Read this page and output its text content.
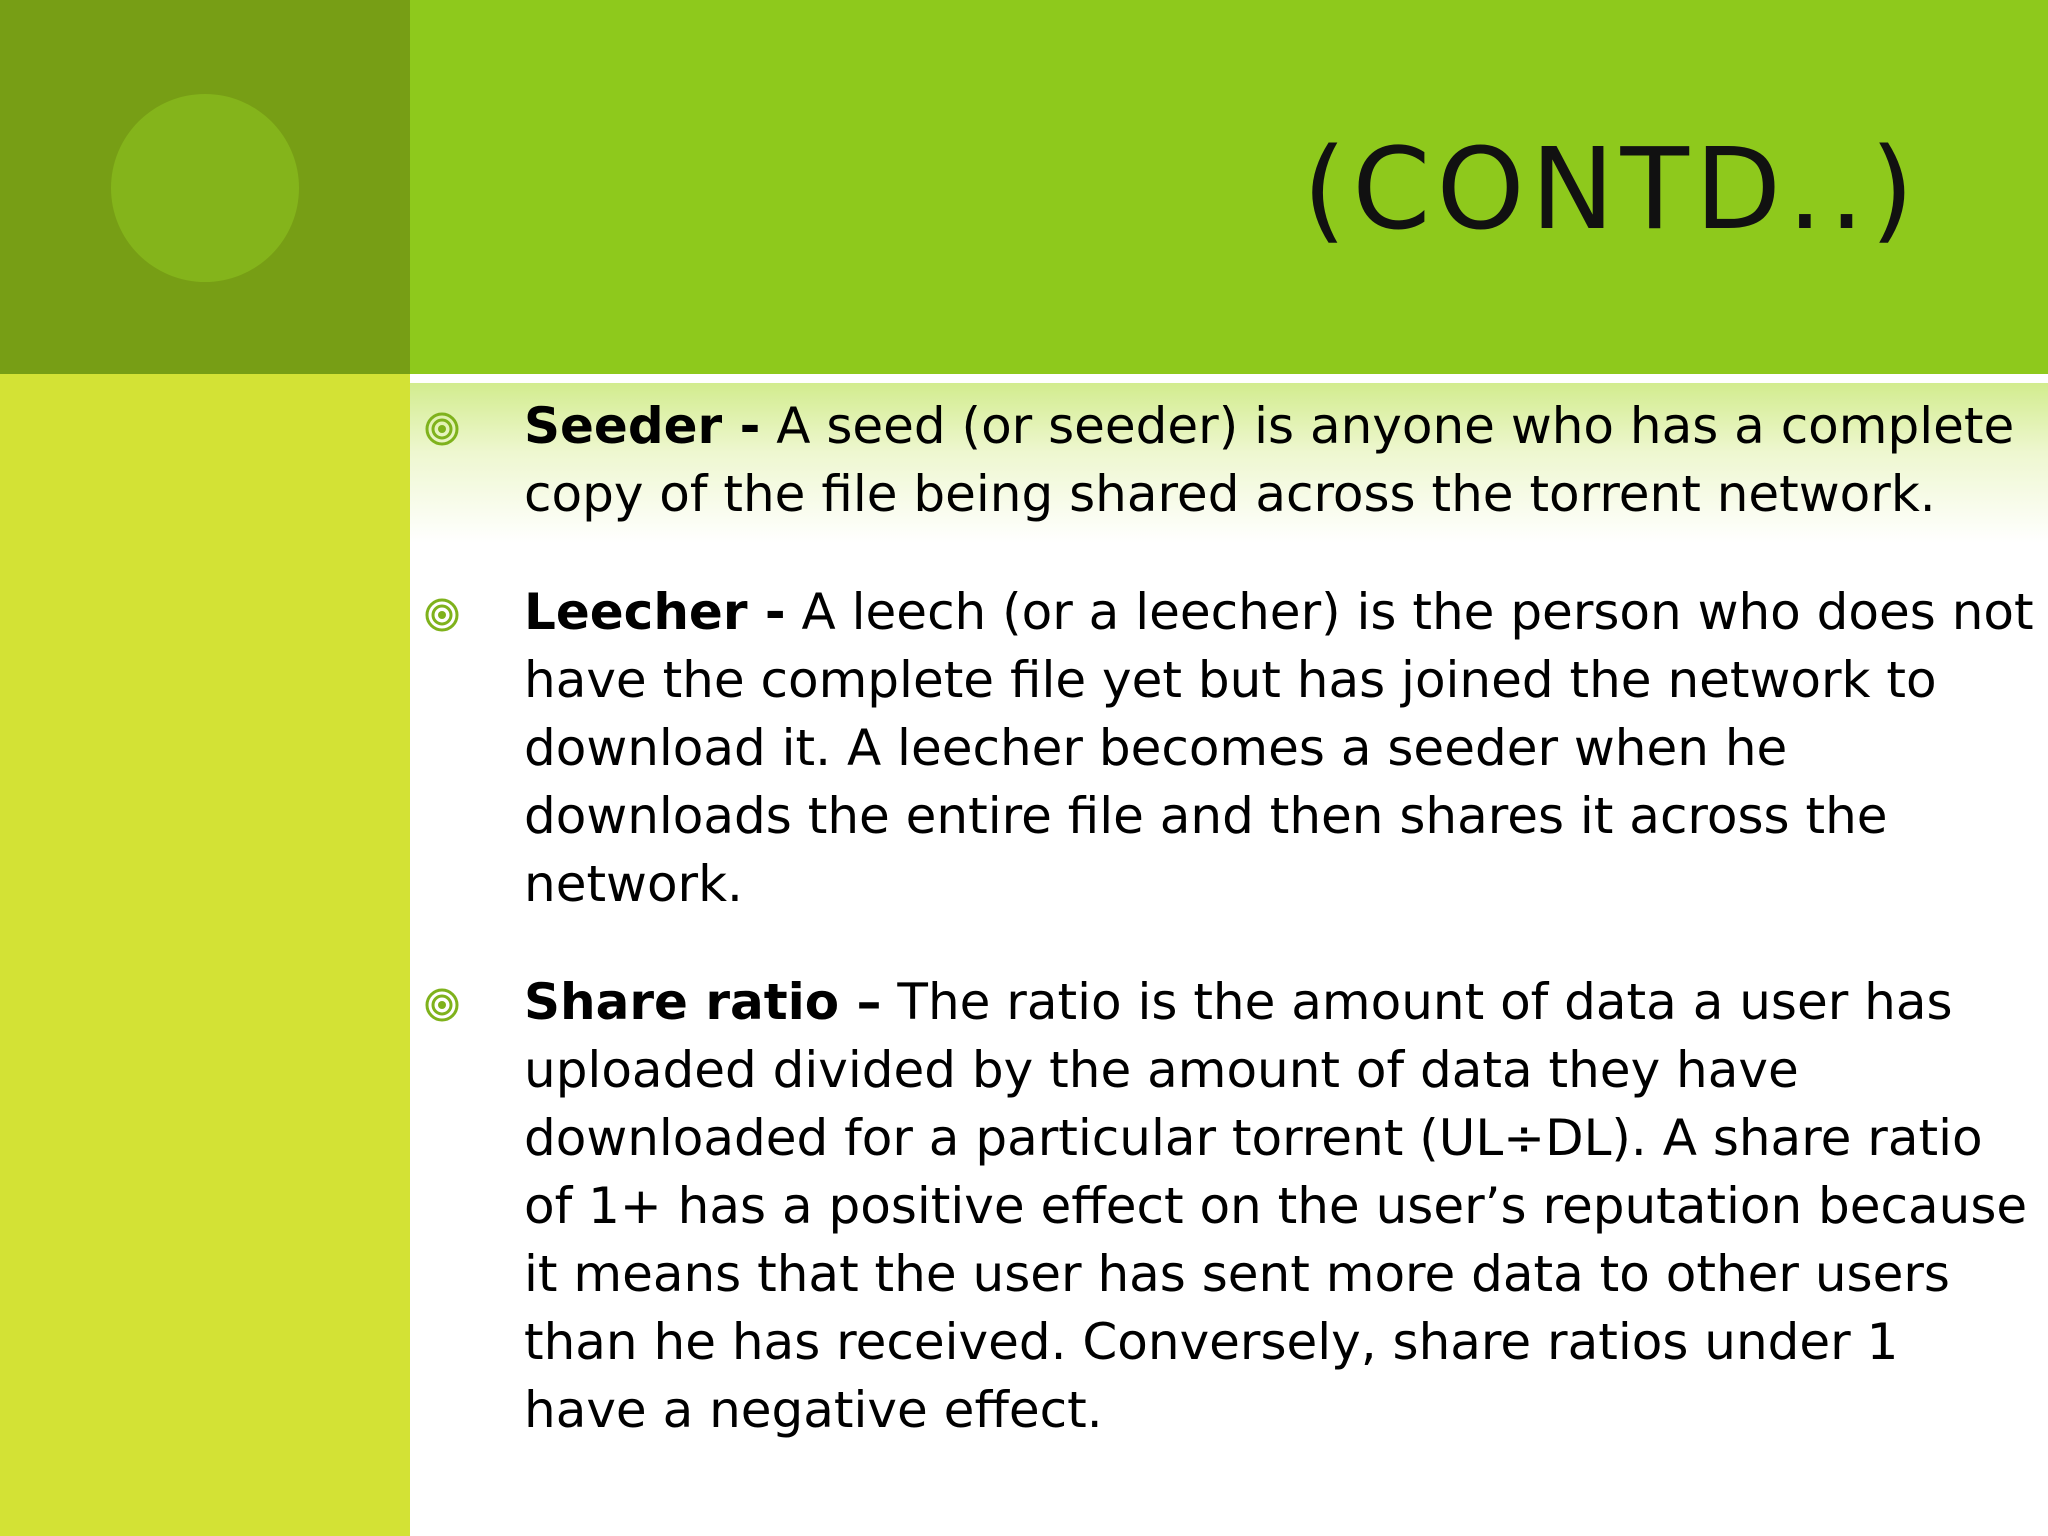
(CONTD..)
Seeder - A seed (or seeder) is anyone who has a complete copy of the file being shared across the torrent network.
Leecher - A leech (or a leecher) is the person who does not have the complete file yet but has joined the network to download it. A leecher becomes a seeder when he downloads the entire file and then shares it across the network.
Share ratio – The ratio is the amount of data a user has uploaded divided by the amount of data they have downloaded for a particular torrent (UL÷DL). A share ratio of 1+ has a positive effect on the user’s reputation because it means that the user has sent more data to other users than he has received. Conversely, share ratios under 1 have a negative effect.
